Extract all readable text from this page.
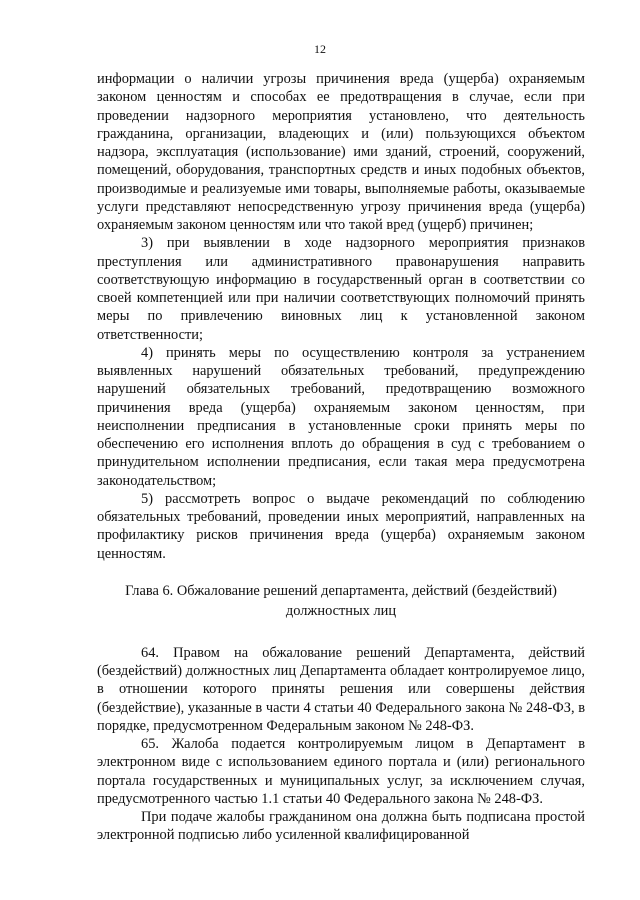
12

информации о наличии угрозы причинения вреда (ущерба) охраняемым законом ценностям и способах ее предотвращения в случае, если при проведении надзорного мероприятия установлено, что деятельность гражданина, организации, владеющих и (или) пользующихся объектом надзора, эксплуатация (использование) ими зданий, строений, сооружений, помещений, оборудования, транспортных средств и иных подобных объектов, производимые и реализуемые ими товары, выполняемые работы, оказываемые услуги представляют непосредственную угрозу причинения вреда (ущерба) охраняемым законом ценностям или что такой вред (ущерб) причинен;

3) при выявлении в ходе надзорного мероприятия признаков преступления или административного правонарушения направить соответствующую информацию в государственный орган в соответствии со своей компетенцией или при наличии соответствующих полномочий принять меры по привлечению виновных лиц к установленной законом ответственности;

4) принять меры по осуществлению контроля за устранением выявленных нарушений обязательных требований, предупреждению нарушений обязательных требований, предотвращению возможного причинения вреда (ущерба) охраняемым законом ценностям, при неисполнении предписания в установленные сроки принять меры по обеспечению его исполнения вплоть до обращения в суд с требованием о принудительном исполнении предписания, если такая мера предусмотрена законодательством;

5) рассмотреть вопрос о выдаче рекомендаций по соблюдению обязательных требований, проведении иных мероприятий, направленных на профилактику рисков причинения вреда (ущерба) охраняемым законом ценностям.

Глава 6. Обжалование решений департамента, действий (бездействий)
должностных лиц

64. Правом на обжалование решений Департамента, действий (бездействий) должностных лиц Департамента обладает контролируемое лицо, в отношении которого приняты решения или совершены действия (бездействие), указанные в части 4 статьи 40 Федерального закона № 248-ФЗ, в порядке, предусмотренном Федеральным законом № 248-ФЗ.

65. Жалоба подается контролируемым лицом в Департамент в электронном виде с использованием единого портала и (или) регионального портала государственных и муниципальных услуг, за исключением случая, предусмотренного частью 1.1 статьи 40 Федерального закона № 248-ФЗ.

При подаче жалобы гражданином она должна быть подписана простой электронной подписью либо усиленной квалифицированной
